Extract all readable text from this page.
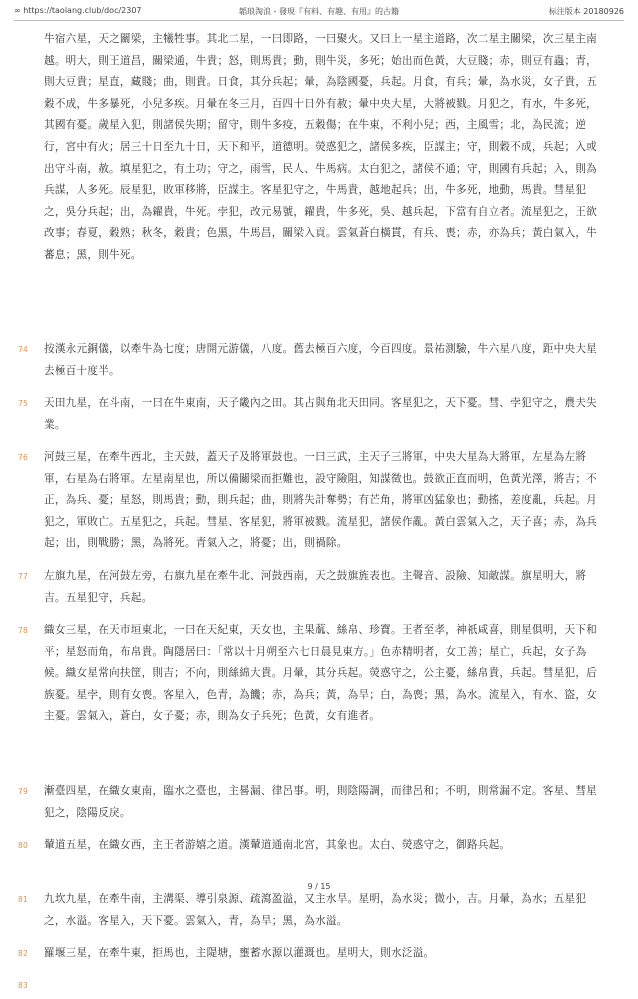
∞ https://taolang.club/doc/2307	韜琅淘浪 - 發現『有料、有趣、有用』的古籍	标注版本 20180926

牛宿六星，天之關梁，主犧牲事。其北二星，一曰即路，一曰聚火。又曰上一星主道路，次二星主關梁，次三星主南越。明大，則王道昌，關梁通，牛貴；怒，則馬貴；動，則牛災，多死；始出而色黃，大豆賤；赤，則豆有蟲；青，則大豆貴；星直，藏賤；曲，則貴。日食，其分兵起；暈，為陰國憂，兵起。月食，有兵；暈，為水災，女子貴，五穀不成，牛多暴死，小兒多疾。月暈在冬三月，百四十日外有赦；暈中央大星，大將被戮。月犯之，有水，牛多死，其國有憂。歲星入犯，則諸侯失期；留守，則牛多疫，五穀傷；在牛東，不利小兒；西，主風雪；北，為民流；逆行，宮中有火；居三十日至九十日，天下和平，道德明。熒惑犯之，諸侯多疾，臣謀主；守，則穀不成，兵起；入或出守斗南，赦。填星犯之，有土功；守之，雨雪，民人、牛馬病。太白犯之，諸侯不通；守，則國有兵起；入，則為兵謀，人多死。辰星犯，敗軍移將，臣謀主。客星犯守之，牛馬貴，越地起兵；出，牛多死，地動，馬貴。彗星犯之，吳分兵起；出，為糴貴，牛死。孛犯，改元易號，糴貴，牛多死，吳、越兵起，下當有自立者。流星犯之，王欲改事；春夏，穀熟；秋冬，穀貴；色黑，牛馬昌，關梁入貢。雲氣蒼白橫貫，有兵、喪；赤，亦為兵；黃白氣入，牛蕃息；黑，則牛死。

74 按漢永元銅儀，以牽牛為七度；唐開元游儀，八度。舊去極百六度，今百四度。景祐測驗，牛六星八度，距中央大星去極百十度半。

75 天田九星，在斗南，一曰在牛東南，天子畿內之田。其占與角北天田同。客星犯之，天下憂。彗、孛犯守之，農夫失業。

76 河鼓三星，在牽牛西北，主天鼓，蓋天子及將軍鼓也。一曰三武，主天子三將軍，中央大星為大將軍，左星為左將軍，右星為右將軍。左星南星也，所以備關梁而拒難也，設守險阻，知謀徵也。鼓欲正直而明，色黃光澤，將吉；不正，為兵、憂；星怒，則馬貴；動，則兵起；曲，則將失計奪勢；有芒角，將軍凶猛象也；動搖，差度亂，兵起。月犯之，軍敗亡。五星犯之，兵起。彗星、客星犯，將軍被戮。流星犯，諸侯作亂。黃白雲氣入之，天子喜；赤，為兵起；出，則戰勝；黑，為將死。青氣入之，將憂；出，則禍除。

77 左旗九星，在河鼓左旁，右旗九星在牽牛北、河鼓西南，天之鼓旗旌表也。主聲音、設險、知敵謀。旗星明大，將吉。五星犯守，兵起。

78 織女三星，在天市垣東北，一曰在天紀東，天女也，主果蓏、絲帛、珍寶。王者至孝，神祇咸喜，則星俱明，天下和平；星怒而角，布帛貴。陶隱居曰：「常以十月朔至六七日晨見東方。」色赤精明者，女工善；星亡，兵起，女子為候。織女星常向扶筐，則吉；不向，則絲綿大貴。月暈，其分兵起。熒惑守之，公主憂，絲帛貴，兵起。彗星犯，后族憂。星孛，則有女喪。客星入，色青，為饑；赤，為兵；黃，為旱；白，為喪；黑，為水。流星入，有水、盜，女主憂。雲氣入，蒼白，女子憂；赤，則為女子兵死；色黃，女有進者。

79 漸臺四星，在織女東南，臨水之臺也，主晷漏、律呂事。明，則陰陽調，而律呂和；不明，則常漏不定。客星、彗星犯之，陰陽反戾。

80 輦道五星，在織女西，主王者游嬉之道。漢輦道通南北宮，其象也。太白、熒惑守之，御路兵起。

81 九坎九星，在牽牛南，主溝渠、導引泉源、疏瀉盈溢，又主水旱。星明，為水災；微小，吉。月暈，為水；五星犯之，水溢。客星入，天下憂。雲氣入，青，為旱；黑，為水溢。

82 羅堰三星，在牽牛東，拒馬也，主隄塘，壅蓄水源以灌溉也。星明大，則水泛溢。

83

9 / 15
